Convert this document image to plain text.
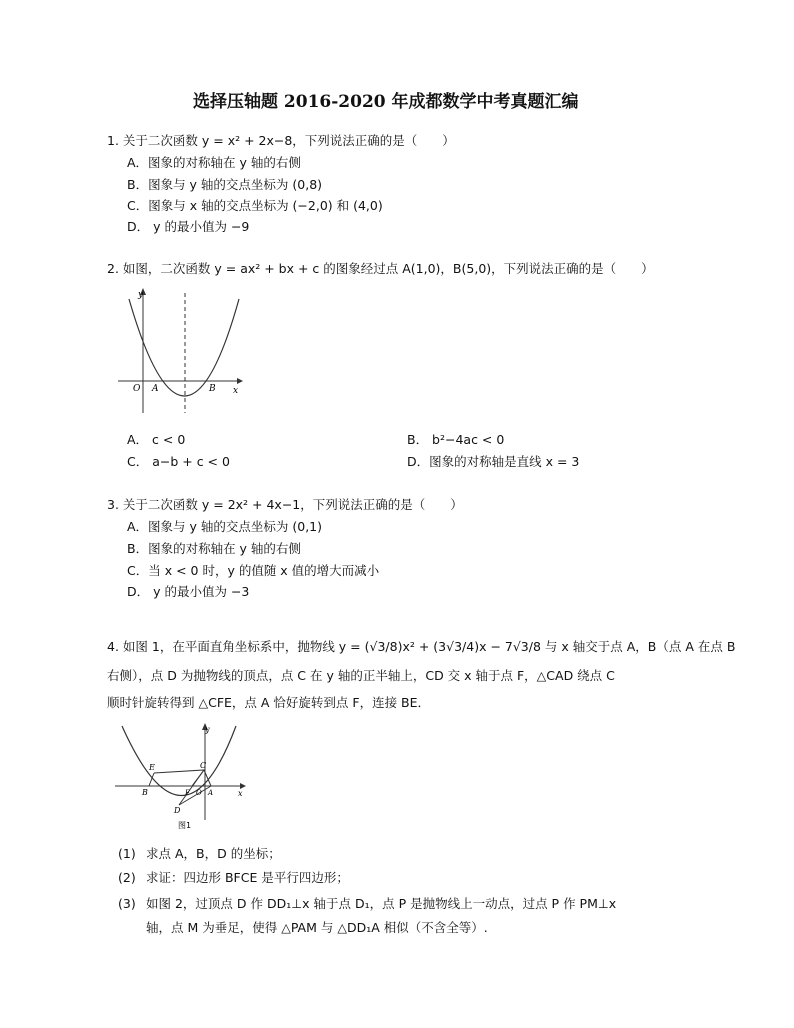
选择压轴题 2016-2020 年成都数学中考真题汇编
1. 关于二次函数 y = x² + 2x−8，下列说法正确的是（　　）
A．图象的对称轴在 y 轴的右侧
B．图象与 y 轴的交点坐标为 (0,8)
C．图象与 x 轴的交点坐标为 (−2,0) 和 (4,0)
D． y 的最小值为 −9
2. 如图，二次函数 y = ax² + bx + c 的图象经过点 A(1,0)，B(5,0)，下列说法正确的是（　　）
y
x
O A	B
A． c < 0	B． b²−4ac < 0
C． a−b + c < 0	D．图象的对称轴是直线 x = 3
3. 关于二次函数 y = 2x² + 4x−1，下列说法正确的是（　　）
A．图象与 y 轴的交点坐标为 (0,1)
B．图象的对称轴在 y 轴的右侧
C．当 x < 0 时，y 的值随 x 值的增大而减小
D． y 的最小值为 −3
4. 如图 1，在平面直角坐标系中，抛物线 y = (√3/8)x² + (3√3/4)x − 7√3/8 与 x 轴交于点 A，B（点 A 在点 B
右侧），点 D 为抛物线的顶点，点 C 在 y 轴的正半轴上，CD 交 x 轴于点 F，△CAD 绕点 C
顺时针旋转得到 △CFE，点 A 恰好旋转到点 F，连接 BE．
y
x
E	C
B	F O A
D
图1
(1) 求点 A，B，D 的坐标；
(2) 求证：四边形 BFCE 是平行四边形；
(3) 如图 2，过顶点 D 作 DD₁⊥x 轴于点 D₁，点 P 是抛物线上一动点，过点 P 作 PM⊥x
轴，点 M 为垂足，使得 △PAM 与 △DD₁A 相似（不含全等）.
